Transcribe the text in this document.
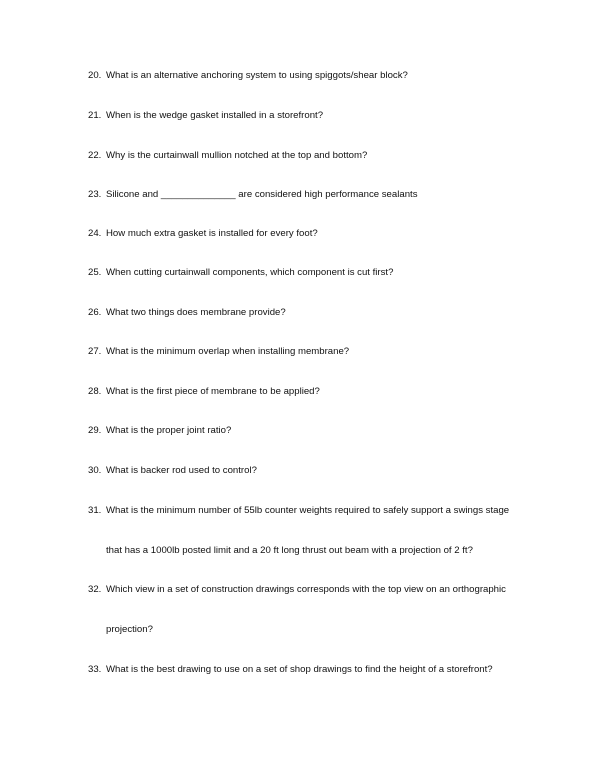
20. What is an alternative anchoring system to using spiggots/shear block?
21. When is the wedge gasket installed in a storefront?
22. Why is the curtainwall mullion notched at the top and bottom?
23. Silicone and ______________ are considered high performance sealants
24. How much extra gasket is installed for every foot?
25. When cutting curtainwall components, which component is cut first?
26. What two things does membrane provide?
27. What is the minimum overlap when installing membrane?
28. What is the first piece of membrane to be applied?
29. What is the proper joint ratio?
30. What is backer rod used to control?
31. What is the minimum number of 55lb counter weights required to safely support a swings stage
that has a 1000lb posted limit and a 20 ft long thrust out beam with a projection of 2 ft?
32. Which view in a set of construction drawings corresponds with the top view on an orthographic
projection?
33. What is the best drawing to use on a set of shop drawings to find the height of a storefront?
